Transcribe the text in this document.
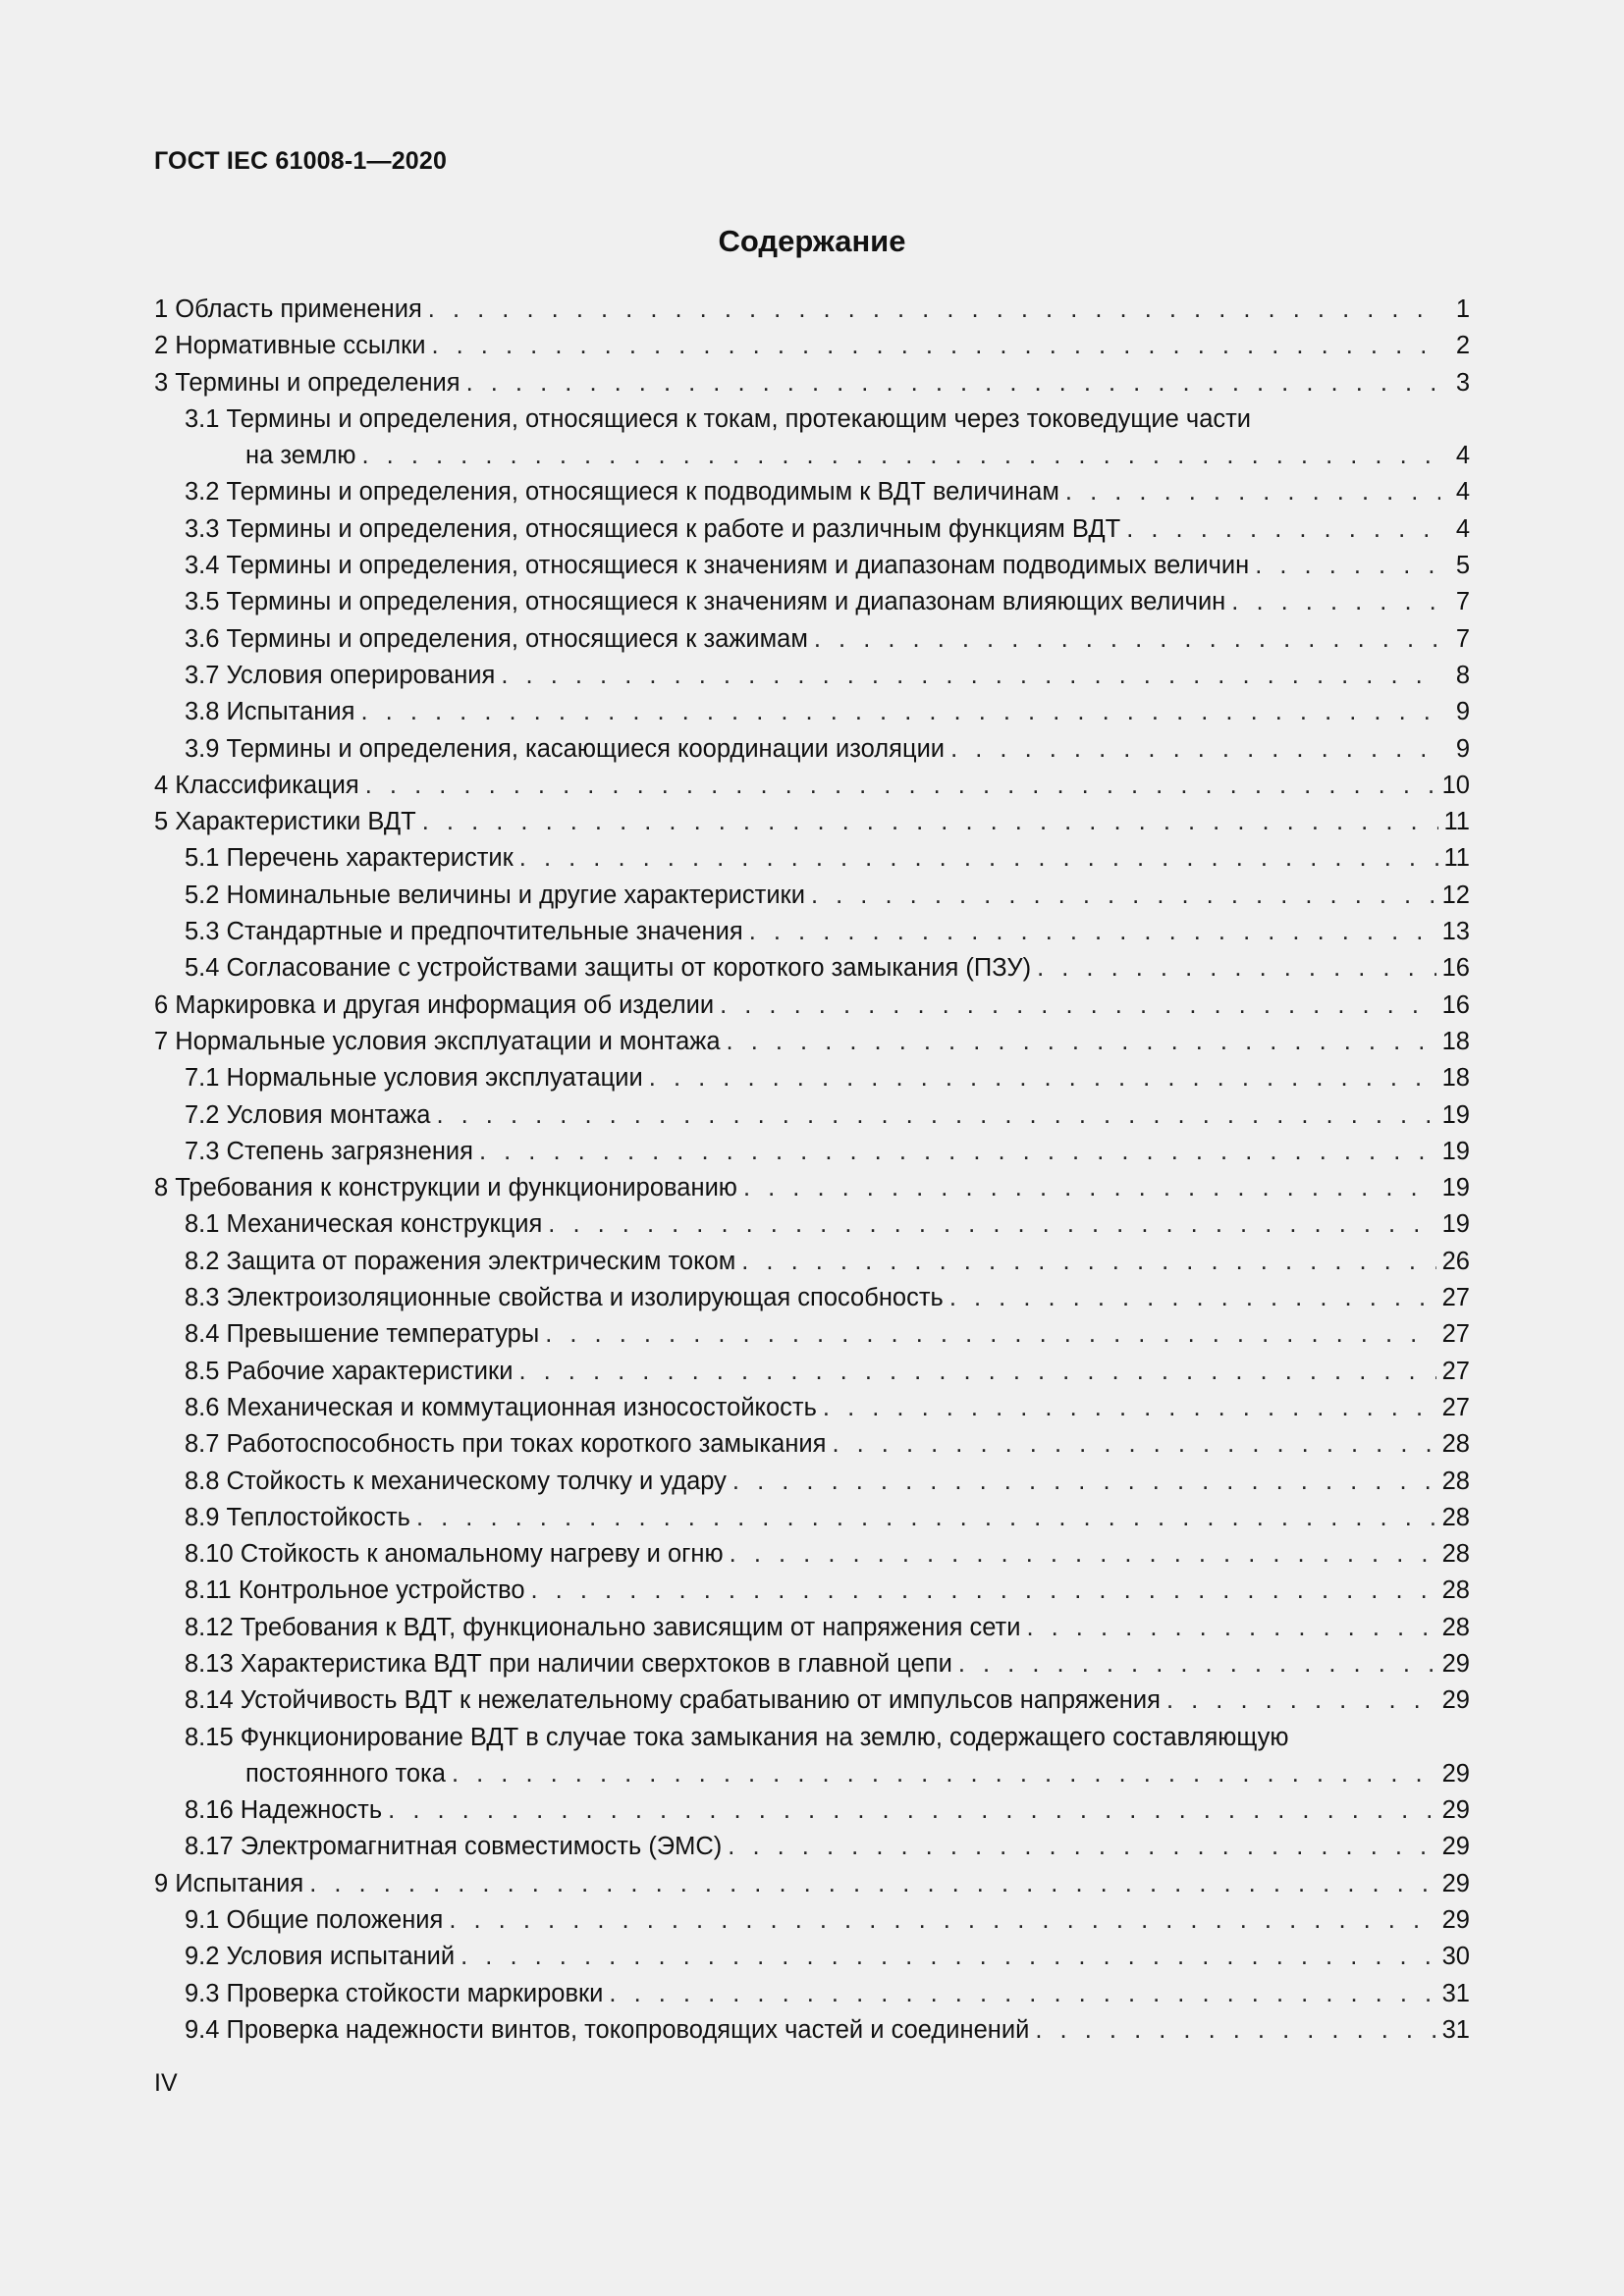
ГОСТ IEC 61008-1—2020
Содержание
1 Область применения . . .	1
2 Нормативные ссылки . . .	2
3 Термины и определения . . .	3
3.1 Термины и определения, относящиеся к токам, протекающим через токоведущие части
на землю . . .	4
3.2 Термины и определения, относящиеся к подводимым к ВДТ величинам . . .	4
3.3 Термины и определения, относящиеся к работе и различным функциям ВДТ . . .	4
3.4 Термины и определения, относящиеся к значениям и диапазонам подводимых величин . . .	5
3.5 Термины и определения, относящиеся к значениям и диапазонам влияющих величин . . .	7
3.6 Термины и определения, относящиеся к зажимам . . .	7
3.7 Условия оперирования . . .	8
3.8 Испытания . . .	9
3.9 Термины и определения, касающиеся координации изоляции . . .	9
4 Классификация . . .	10
5 Характеристики ВДТ . . .	11
5.1 Перечень характеристик . . .	11
5.2 Номинальные величины и другие характеристики . . .	12
5.3 Стандартные и предпочтительные значения . . .	13
5.4 Согласование с устройствами защиты от короткого замыкания (ПЗУ) . . .	16
6 Маркировка и другая информация об изделии . . .	16
7 Нормальные условия эксплуатации и монтажа . . .	18
7.1 Нормальные условия эксплуатации . . .	18
7.2 Условия монтажа . . .	19
7.3 Степень загрязнения . . .	19
8 Требования к конструкции и функционированию . . .	19
8.1 Механическая конструкция . . .	19
8.2 Защита от поражения электрическим током . . .	26
8.3 Электроизоляционные свойства и изолирующая способность . . .	27
8.4 Превышение температуры . . .	27
8.5 Рабочие характеристики . . .	27
8.6 Механическая и коммутационная износостойкость . . .	27
8.7 Работоспособность при токах короткого замыкания . . .	28
8.8 Стойкость к механическому толчку и удару . . .	28
8.9 Теплостойкость . . .	28
8.10 Стойкость к аномальному нагреву и огню . . .	28
8.11 Контрольное устройство . . .	28
8.12 Требования к ВДТ, функционально зависящим от напряжения сети . . .	28
8.13 Характеристика ВДТ при наличии сверхтоков в главной цепи . . .	29
8.14 Устойчивость ВДТ к нежелательному срабатыванию от импульсов напряжения . . .	29
8.15 Функционирование ВДТ в случае тока замыкания на землю, содержащего составляющую
постоянного тока . . .	29
8.16 Надежность . . .	29
8.17 Электромагнитная совместимость (ЭМС) . . .	29
9 Испытания . . .	29
9.1 Общие положения . . .	29
9.2 Условия испытаний . . .	30
9.3 Проверка стойкости маркировки . . .	31
9.4 Проверка надежности винтов, токопроводящих частей и соединений . . .	31
IV
